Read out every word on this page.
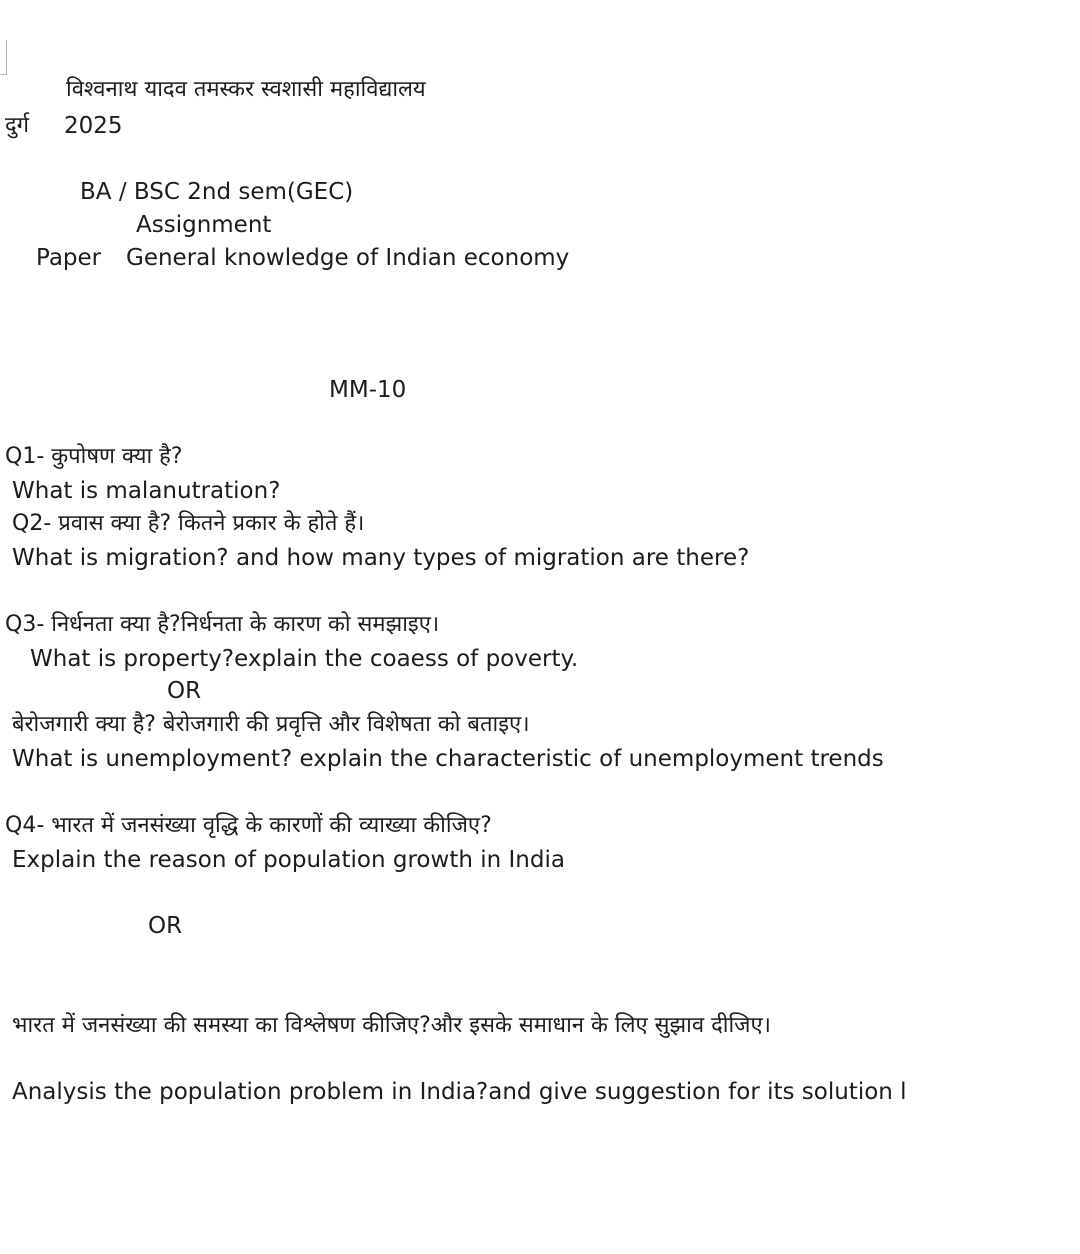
विश्वनाथ यादव तमस्कर स्वशासी महाविद्यालय
दुर्ग 2025
BA / BSC 2nd sem(GEC)
Assignment
Paper General knowledge of Indian economy
MM-10
Q1- कुपोषण क्या है?
What is malanutration?
Q2- प्रवास क्या है? कितने प्रकार के होते हैं।
What is migration? and how many types of migration are there?
Q3- निर्धनता क्या है?निर्धनता के कारण को समझाइए।
What is property?explain the coaess of poverty.
OR
बेरोजगारी क्या है? बेरोजगारी की प्रवृत्ति और विशेषता को बताइए।
What is unemployment? explain the characteristic of unemployment trends
Q4- भारत में जनसंख्या वृद्धि के कारणों की व्याख्या कीजिए?
Explain the reason of population growth in India
OR
भारत में जनसंख्या की समस्या का विश्लेषण कीजिए?और इसके समाधान के लिए सुझाव दीजिए।
Analysis the population problem in India?and give suggestion for its solution l
